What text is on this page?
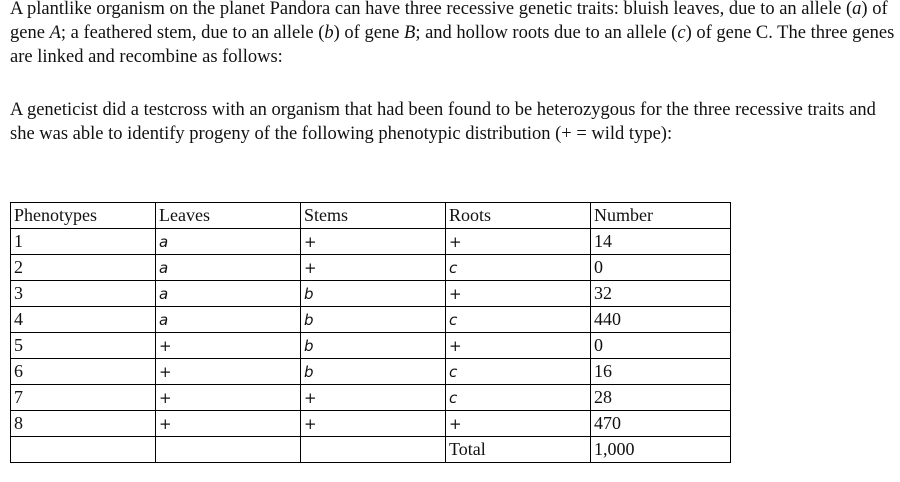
A plantlike organism on the planet Pandora can have three recessive genetic traits: bluish leaves, due to an allele (a) of gene A; a feathered stem, due to an allele (b) of gene B; and hollow roots due to an allele (c) of gene C. The three genes are linked and recombine as follows:
A geneticist did a testcross with an organism that had been found to be heterozygous for the three recessive traits and she was able to identify progeny of the following phenotypic distribution (+ = wild type):
Phenotypes	Leaves	Stems	Roots	Number
1	a	+	+	14
2	a	+	c	0
3	a	b	+	32
4	a	b	c	440
5	+	b	+	0
6	+	b	c	16
7	+	+	c	28
8	+	+	+	470
			Total	1,000
